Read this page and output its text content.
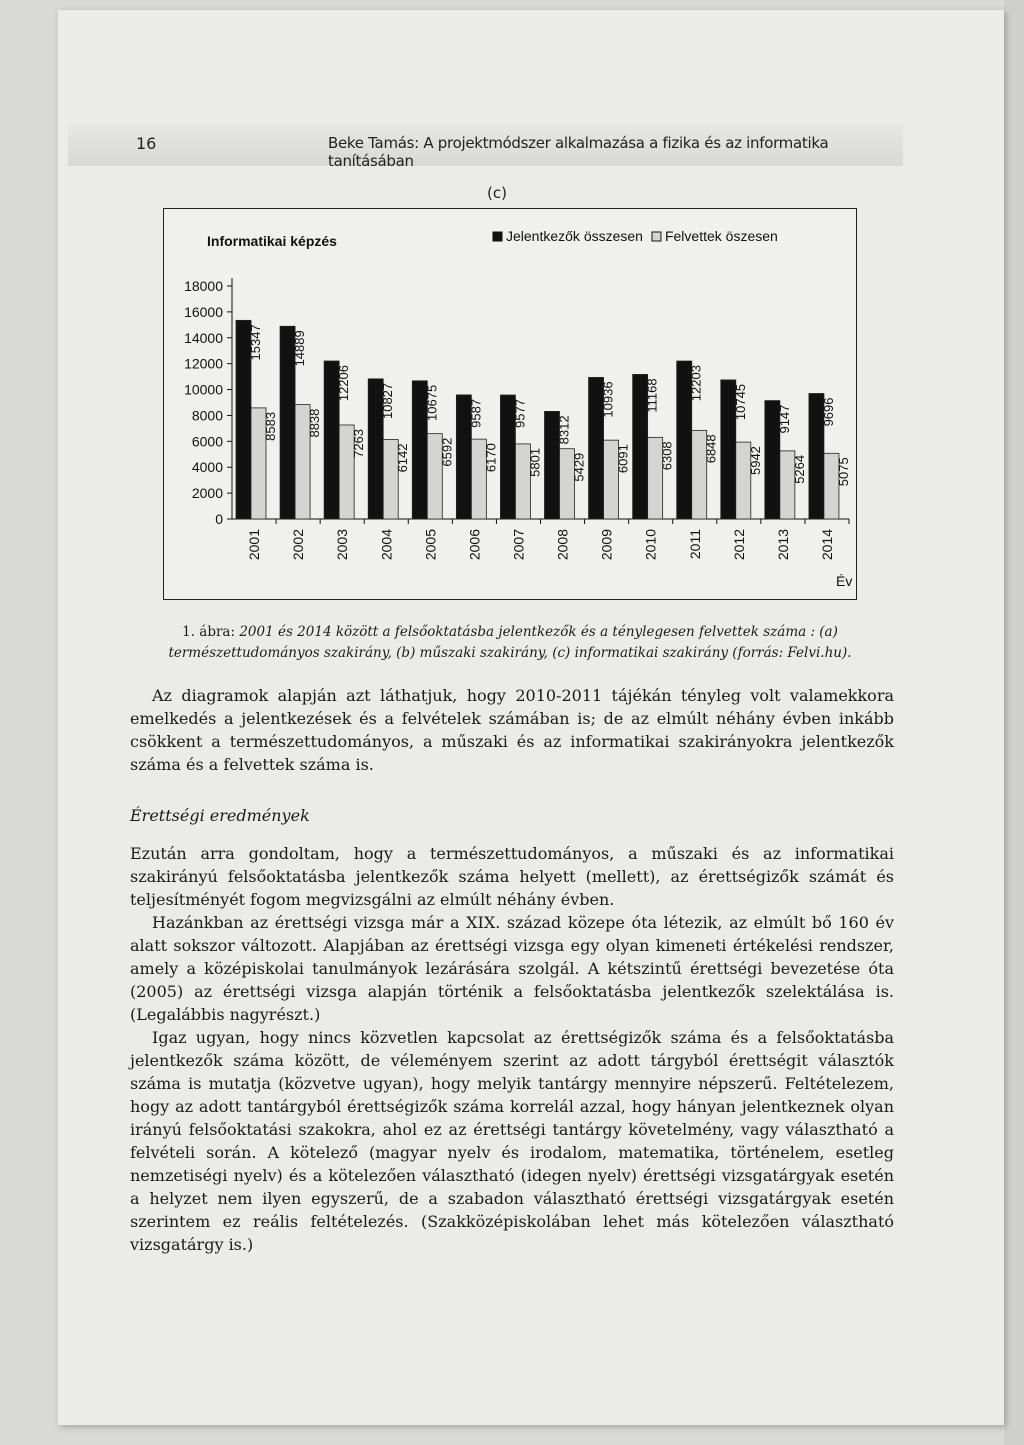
16	Beke Tamás: A projektmódszer alkalmazása a fizika és az informatika tanításában
(c)
Informatikai képzés	Jelentkezők összesen Felvettek öszesen
0
2000
4000
6000
8000
10000
12000
14000
16000
18000
15347
8583
2001
14889
8838
2002
12206
7263
2003
10827
6142
2004
10675
6592
2005
9587
6170
2006
9577
5801
2007
8312
5429
2008
10936
6091
2009
11168
6308
2010
12203
6848
2011
10745
5942
2012
9147
5264
2013
9696
5075
2014
Év
1. ábra: 2001 és 2014 között a felsőoktatásba jelentkezők és a ténylegesen felvettek száma : (a) természettudományos szakirány, (b) műszaki szakirány, (c) informatikai szakirány (forrás: Felvi.hu).

Az diagramok alapján azt láthatjuk, hogy 2010-2011 tájékán tényleg volt valamekkora emelkedés a jelentkezések és a felvételek számában is; de az elmúlt néhány évben inkább csökkent a természettudományos, a műszaki és az informatikai szakirányokra jelentkezők száma és a felvettek száma is.

Érettségi eredmények

Ezután arra gondoltam, hogy a természettudományos, a műszaki és az informatikai szakirányú felsőoktatásba jelentkezők száma helyett (mellett), az érettségizők számát és teljesítményét fogom megvizsgálni az elmúlt néhány évben.

Hazánkban az érettségi vizsga már a XIX. század közepe óta létezik, az elmúlt bő 160 év alatt sokszor változott. Alapjában az érettségi vizsga egy olyan kimeneti értékelési rendszer, amely a középiskolai tanulmányok lezárására szolgál. A kétszintű érettségi bevezetése óta (2005) az érettségi vizsga alapján történik a felsőoktatásba jelentkezők szelektálása is. (Legalábbis nagyrészt.)

Igaz ugyan, hogy nincs közvetlen kapcsolat az érettségizők száma és a felsőoktatásba jelentkezők száma között, de véleményem szerint az adott tárgyból érettségit választók száma is mutatja (közvetve ugyan), hogy melyik tantárgy mennyire népszerű. Feltételezem, hogy az adott tantárgyból érettségizők száma korrelál azzal, hogy hányan jelentkeznek olyan irányú felsőoktatási szakokra, ahol ez az érettségi tantárgy követelmény, vagy választható a felvételi során. A kötelező (magyar nyelv és irodalom, matematika, történelem, esetleg nemzetiségi nyelv) és a kötelezően választható (idegen nyelv) érettségi vizsgatárgyak esetén a helyzet nem ilyen egyszerű, de a szabadon választható érettségi vizsgatárgyak esetén szerintem ez reális feltételezés. (Szakközépiskolában lehet más kötelezően választható vizsgatárgy is.)
